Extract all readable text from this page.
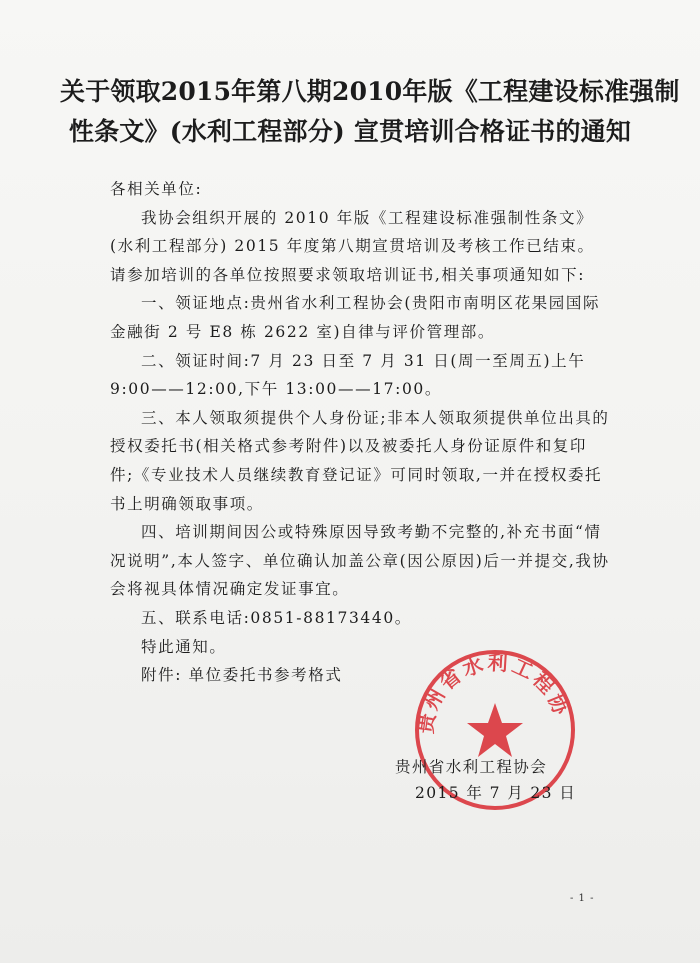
关于领取2015年第八期2010年版《工程建设标准强制
性条文》(水利工程部分) 宣贯培训合格证书的通知

各相关单位:

我协会组织开展的 2010 年版《工程建设标准强制性条文》(水利工程部分) 2015 年度第八期宣贯培训及考核工作已结束。请参加培训的各单位按照要求领取培训证书,相关事项通知如下:

一、领证地点:贵州省水利工程协会(贵阳市南明区花果园国际金融街 2 号 E8 栋 2622 室)自律与评价管理部。

二、领证时间:7 月 23 日至 7 月 31 日(周一至周五)上午 9:00——12:00,下午 13:00——17:00。

三、本人领取须提供个人身份证;非本人领取须提供单位出具的授权委托书(相关格式参考附件)以及被委托人身份证原件和复印件;《专业技术人员继续教育登记证》可同时领取,一并在授权委托书上明确领取事项。

四、培训期间因公或特殊原因导致考勤不完整的,补充书面“情况说明”,本人签字、单位确认加盖公章(因公原因)后一并提交,我协会将视具体情况确定发证事宜。

五、联系电话:0851-88173440。

特此通知。

附件: 单位委托书参考格式

贵州省水利工程协
贵州省水利工程协会
2015 年 7 月 23 日
- 1 -
